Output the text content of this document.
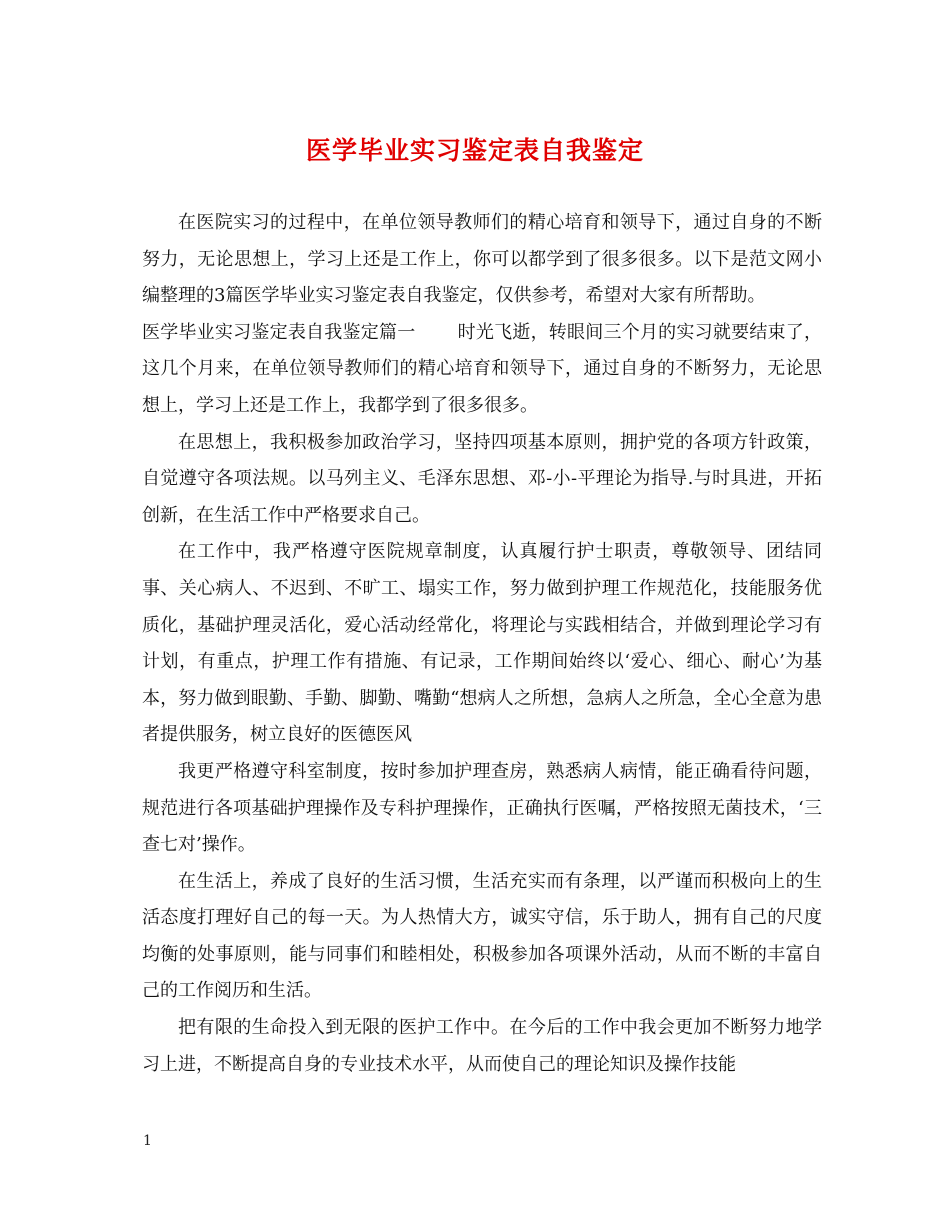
医学毕业实习鉴定表自我鉴定

在医院实习的过程中，在单位领导教师们的精心培育和领导下，通过自身的不断努力，无论思想上，学习上还是工作上，你可以都学到了很多很多。以下是范文网小编整理的3篇医学毕业实习鉴定表自我鉴定，仅供参考，希望对大家有所帮助。

医学毕业实习鉴定表自我鉴定篇一 时光飞逝，转眼间三个月的实习就要结束了，这几个月来，在单位领导教师们的精心培育和领导下，通过自身的不断努力，无论思想上，学习上还是工作上，我都学到了很多很多。

在思想上，我积极参加政治学习，坚持四项基本原则，拥护党的各项方针政策，自觉遵守各项法规。以马列主义、毛泽东思想、邓-小-平理论为指导.与时具进，开拓创新，在生活工作中严格要求自己。

在工作中，我严格遵守医院规章制度，认真履行护士职责，尊敬领导、团结同事、关心病人、不迟到、不旷工、塌实工作，努力做到护理工作规范化，技能服务优质化，基础护理灵活化，爱心活动经常化，将理论与实践相结合，并做到理论学习有计划，有重点，护理工作有措施、有记录，工作期间始终以‘爱心、细心、耐心’为基本，努力做到眼勤、手勤、脚勤、嘴勤“想病人之所想，急病人之所急，全心全意为患者提供服务，树立良好的医德医风

我更严格遵守科室制度，按时参加护理查房，熟悉病人病情，能正确看待问题，规范进行各项基础护理操作及专科护理操作，正确执行医嘱，严格按照无菌技术，‘三查七对’操作。

在生活上，养成了良好的生活习惯，生活充实而有条理，以严谨而积极向上的生活态度打理好自己的每一天。为人热情大方，诚实守信，乐于助人，拥有自己的尺度均衡的处事原则，能与同事们和睦相处，积极参加各项课外活动，从而不断的丰富自己的工作阅历和生活。

把有限的生命投入到无限的医护工作中。在今后的工作中我会更加不断努力地学习上进，不断提高自身的专业技术水平，从而使自己的理论知识及操作技能

1
